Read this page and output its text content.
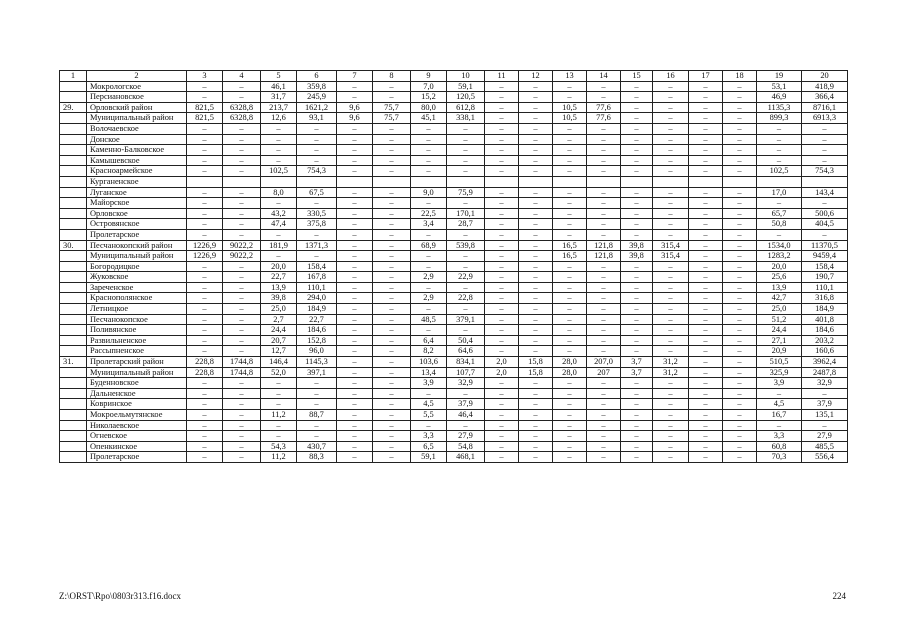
1	2	3	4	5	6	7	8	9	10	11	12	13	14	15	16	17	18	19	20
	Мокрологское	–	–	46,1	359,8	–	–	7,0	59,1	–	–	–	–	–	–	–	–	53,1	418,9
	Персиановское	–	–	31,7	245,9	–	–	15,2	120,5	–	–	–	–	–	–	–	–	46,9	366,4
29.	Орловский район	821,5	6328,8	213,7	1621,2	9,6	75,7	80,0	612,8	–	–	10,5	77,6	–	–	–	–	1135,3	8716,1
	Муниципальный район	821,5	6328,8	12,6	93,1	9,6	75,7	45,1	338,1	–	–	10,5	77,6	–	–	–	–	899,3	6913,3
	Волочаевское	–	–	–	–	–	–	–	–	–	–	–	–	–	–	–	–	–	–
	Донское	–	–	–	–	–	–	–	–	–	–	–	–	–	–	–	–	–	–
	Каменно-Балковское	–	–	–	–	–	–	–	–	–	–	–	–	–	–	–	–	–	–
	Камышевское	–	–	–	–	–	–	–	–	–	–	–	–	–	–	–	–	–	–
	Красноармейское	–	–	102,5	754,3	–	–	–	–	–	–	–	–	–	–	–	–	102,5	754,3
	Курганенское																		
	Луганское	–	–	8,0	67,5	–	–	9,0	75,9	–	–	–	–	–	–	–	–	17,0	143,4
	Майорское	–	–	–	–	–	–	–	–	–	–	–	–	–	–	–	–	–	–
	Орловское	–	–	43,2	330,5	–	–	22,5	170,1	–	–	–	–	–	–	–	–	65,7	500,6
	Островянское	–	–	47,4	375,8	–	–	3,4	28,7	–	–	–	–	–	–	–	–	50,8	404,5
	Пролетарское	–	–	–	–	–	–	–	–	–	–	–	–	–	–	–	–	–	–
30.	Песчанокопский район	1226,9	9022,2	181,9	1371,3	–	–	68,9	539,8	–	–	16,5	121,8	39,8	315,4	–	–	1534,0	11370,5
	Муниципальный район	1226,9	9022,2	–	–	–	–	–	–	–	–	16,5	121,8	39,8	315,4	–	–	1283,2	9459,4
	Богородицкое	–	–	20,0	158,4	–	–	–	–	–	–	–	–	–	–	–	–	20,0	158,4
	Жуковское	–	–	22,7	167,8	–	–	2,9	22,9	–	–	–	–	–	–	–	–	25,6	190,7
	Зареченское	–	–	13,9	110,1	–	–	–	–	–	–	–	–	–	–	–	–	13,9	110,1
	Краснополянское	–	–	39,8	294,0	–	–	2,9	22,8	–	–	–	–	–	–	–	–	42,7	316,8
	Летницкое	–	–	25,0	184,9	–	–	–	–	–	–	–	–	–	–	–	–	25,0	184,9
	Песчанокопское	–	–	2,7	22,7	–	–	48,5	379,1	–	–	–	–	–	–	–	–	51,2	401,8
	Поливянское	–	–	24,4	184,6	–	–	–	–	–	–	–	–	–	–	–	–	24,4	184,6
	Развильненское	–	–	20,7	152,8	–	–	6,4	50,4	–	–	–	–	–	–	–	–	27,1	203,2
	Рассыпненское	–	–	12,7	96,0	–	–	8,2	64,6	–	–	–	–	–	–	–	–	20,9	160,6
31.	Пролетарский район	228,8	1744,8	146,4	1145,3	–	–	103,6	834,1	2,0	15,8	28,0	207,0	3,7	31,2	–	–	510,5	3962,4
	Муниципальный район	228,8	1744,8	52,0	397,1	–	–	13,4	107,7	2,0	15,8	28,0	207	3,7	31,2	–	–	325,9	2487,8
	Буденновское	–	–	–	–	–	–	3,9	32,9	–	–	–	–	–	–	–	–	3,9	32,9
	Дальненское	–	–	–	–	–	–	–	–	–	–	–	–	–	–	–	–	–	–
	Ковринское	–	–	–	–	–	–	4,5	37,9	–	–	–	–	–	–	–	–	4,5	37,9
	Мокроельмутянское	–	–	11,2	88,7	–	–	5,5	46,4	–	–	–	–	–	–	–	–	16,7	135,1
	Николаевское	–	–	–	–	–	–	–	–	–	–	–	–	–	–	–	–	–	–
	Огневское	–	–	–	–	–	–	3,3	27,9	–	–	–	–	–	–	–	–	3,3	27,9
	Опенкинское	–	–	54,3	430,7	–	–	6,5	54,8	–	–	–	–	–	–	–	–	60,8	485,5
	Пролетарское	–	–	11,2	88,3	–	–	59,1	468,1	–	–	–	–	–	–	–	–	70,3	556,4
Z:\ORST\Rpo\0803r313.f16.docx	224
